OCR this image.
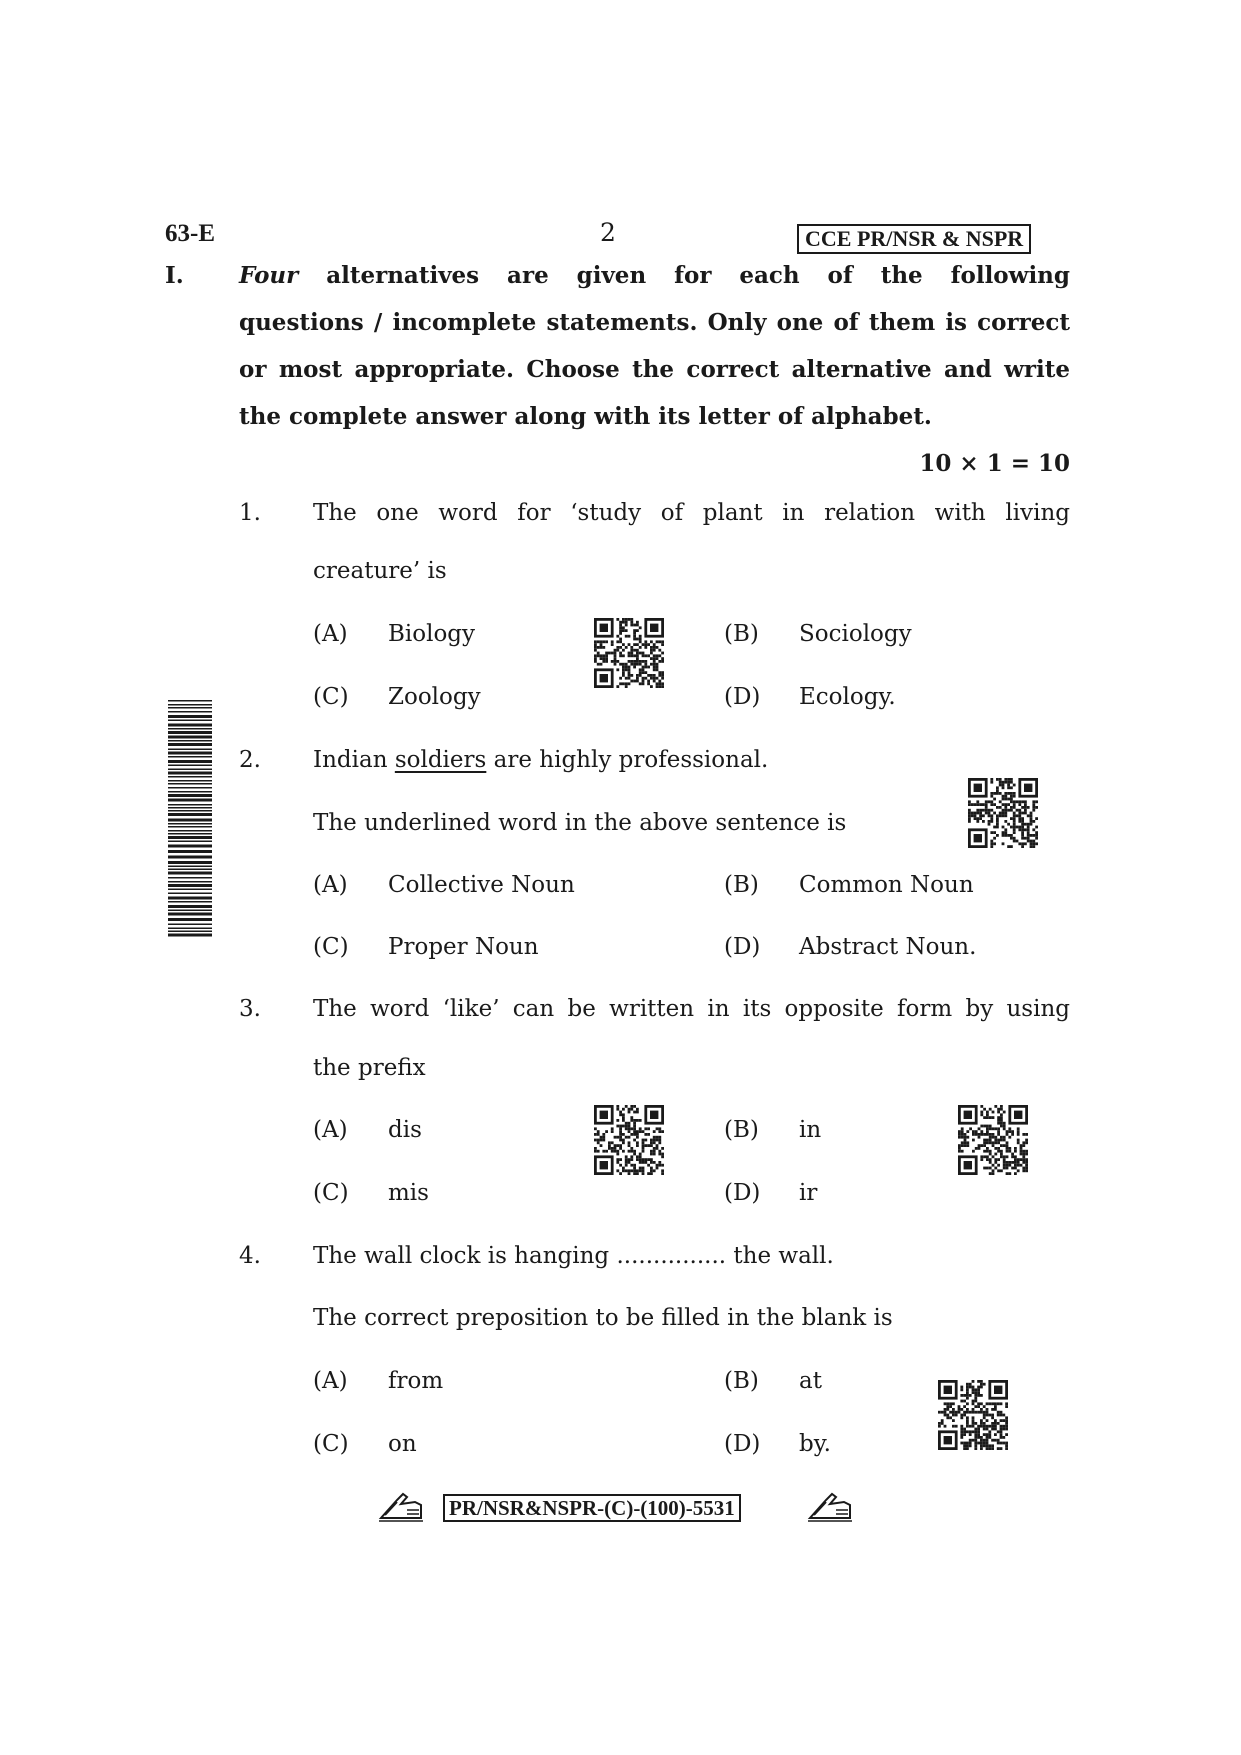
63-E	2	CCE PR/NSR & NSPR
I. Four alternatives are given for each of the following
questions / incomplete statements. Only one of them is correct
or most appropriate. Choose the correct alternative and write
the complete answer along with its letter of alphabet.
10 × 1 = 10
1. The one word for ‘study of plant in relation with living
creature’ is
(A) Biology	(B) Sociology
(C) Zoology	(D) Ecology.
2. Indian soldiers are highly professional.
The underlined word in the above sentence is
(A) Collective Noun	(B) Common Noun
(C) Proper Noun	(D) Abstract Noun.
3. The word ‘like’ can be written in its opposite form by using
the prefix
(A) dis	(B) in
(C) mis	(D) ir
4. The wall clock is hanging ............... the wall.
The correct preposition to be filled in the blank is
(A) from	(B) at
(C) on	(D) by.
PR/NSR&NSPR-(C)-(100)-5531
